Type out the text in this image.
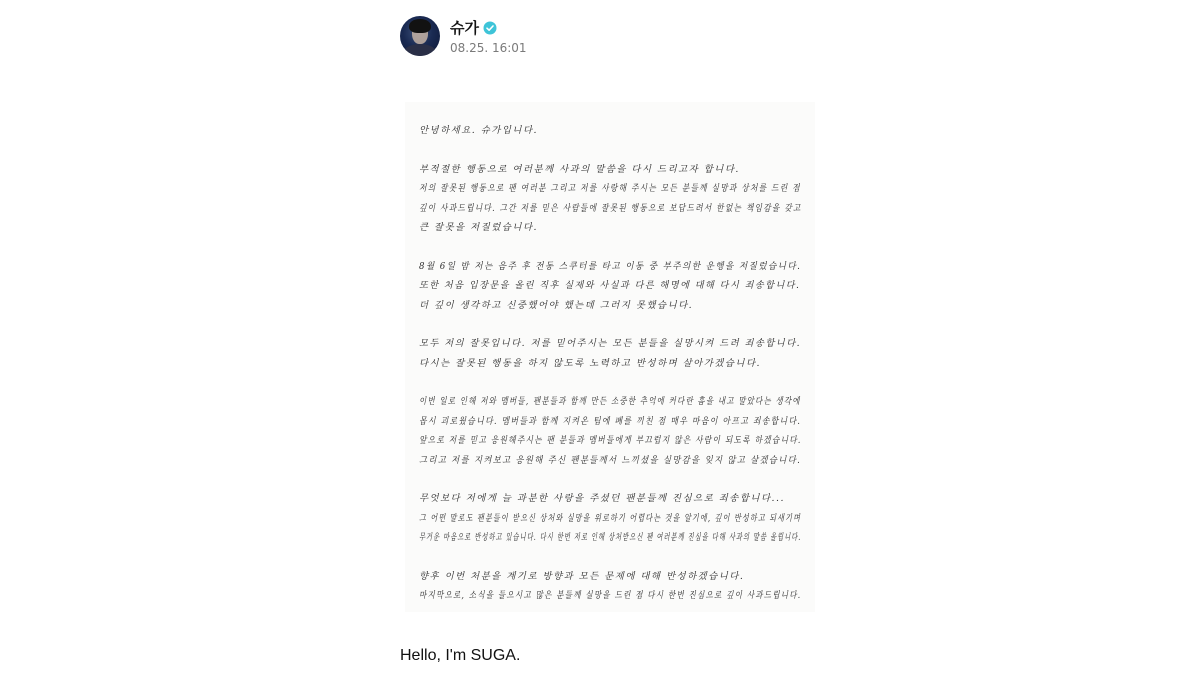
슈가
08.25. 16:01
안녕하세요. 슈가입니다.
부적절한 행동으로 여러분께 사과의 말씀을 다시 드리고자 합니다.
저의 잘못된 행동으로 팬 여러분 그리고 저를 사랑해 주시는 모든 분들께 실망과 상처를 드린 점
깊이 사과드립니다. 그간 저를 믿은 사람들에 잘못된 행동으로 보답드려서 한없는 책임감을 갖고
큰 잘못을 저질렀습니다.
8월 6일 밤 저는 음주 후 전동 스쿠터를 타고 이동 중 부주의한 운행을 저질렀습니다.
또한 처음 입장문을 올린 직후 실제와 사실과 다른 해명에 대해 다시 죄송합니다.
더 깊이 생각하고 신중했어야 했는데 그러지 못했습니다.
모두 저의 잘못입니다. 저를 믿어주시는 모든 분들을 실망시켜 드려 죄송합니다.
다시는 잘못된 행동을 하지 않도록 노력하고 반성하며 살아가겠습니다.
이번 일로 인해 저와 멤버들, 팬분들과 함께 만든 소중한 추억에 커다란 흠을 내고 말았다는 생각에
몹시 괴로웠습니다. 멤버들과 함께 지켜온 팀에 폐를 끼친 점 매우 마음이 아프고 죄송합니다.
앞으로 저를 믿고 응원해주시는 팬 분들과 멤버들에게 부끄럽지 않은 사람이 되도록 하겠습니다.
그리고 저를 지켜보고 응원해 주신 팬분들께서 느끼셨을 실망감을 잊지 않고 살겠습니다.
무엇보다 저에게 늘 과분한 사랑을 주셨던 팬분들께 진심으로 죄송합니다...
그 어떤 말로도 팬분들이 받으신 상처와 실망을 위로하기 어렵다는 것을 알기에, 깊이 반성하고 되새기며
무거운 마음으로 반성하고 있습니다. 다시 한번 저로 인해 상처받으신 팬 여러분께 진심을 다해 사과의 말씀 올립니다.
향후 이번 처분을 계기로 방향과 모든 문제에 대해 반성하겠습니다.
마지막으로, 소식을 들으시고 많은 분들께 실망을 드린 점 다시 한번 진심으로 깊이 사과드립니다.
Hello, I'm SUGA.
